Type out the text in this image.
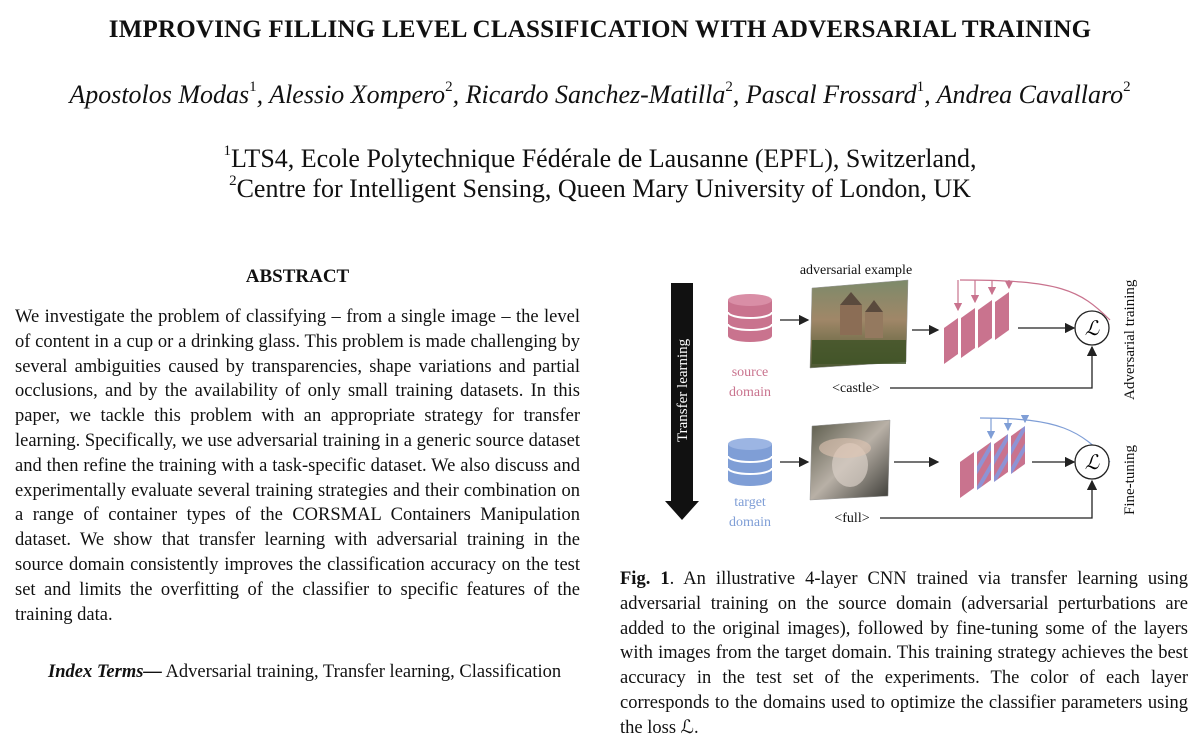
IMPROVING FILLING LEVEL CLASSIFICATION WITH ADVERSARIAL TRAINING
Apostolos Modas$^1$, Alessio Xompero$^2$, Ricardo Sanchez-Matilla$^2$, Pascal Frossard$^1$, Andrea Cavallaro$^2$
$^1$LTS4, Ecole Polytechnique Fédérale de Lausanne (EPFL), Switzerland,
$^2$Centre for Intelligent Sensing, Queen Mary University of London, UK
ABSTRACT
We investigate the problem of classifying – from a single image – the level of content in a cup or a drinking glass. This problem is made challenging by several ambiguities caused by transparencies, shape variations and partial occlusions, and by the availability of only small training datasets. In this paper, we tackle this problem with an appropriate strategy for transfer learning. Specifically, we use adversarial training in a generic source dataset and then refine the training with a task-specific dataset. We also discuss and experimentally evaluate several training strategies and their combination on a range of container types of the CORSMAL Containers Manipulation dataset. We show that transfer learning with adversarial training in the source domain consistently improves the classification accuracy on the test set and limits the overfitting of the classifier to specific features of the training data.
Index Terms— Adversarial training, Transfer learning, Classification
Transfer learning	source
domain
target
domain
adversarial example
<castle>
<full>
ℒ
ℒ
Adversarial training
Fine-tuning
Fig. 1. An illustrative 4-layer CNN trained via transfer learning using adversarial training on the source domain (adversarial perturbations are added to the original images), followed by fine-tuning some of the layers with images from the target domain. This training strategy achieves the best accuracy in the test set of the experiments. The color of each layer corresponds to the domains used to optimize the classifier parameters using the loss ℒ.
